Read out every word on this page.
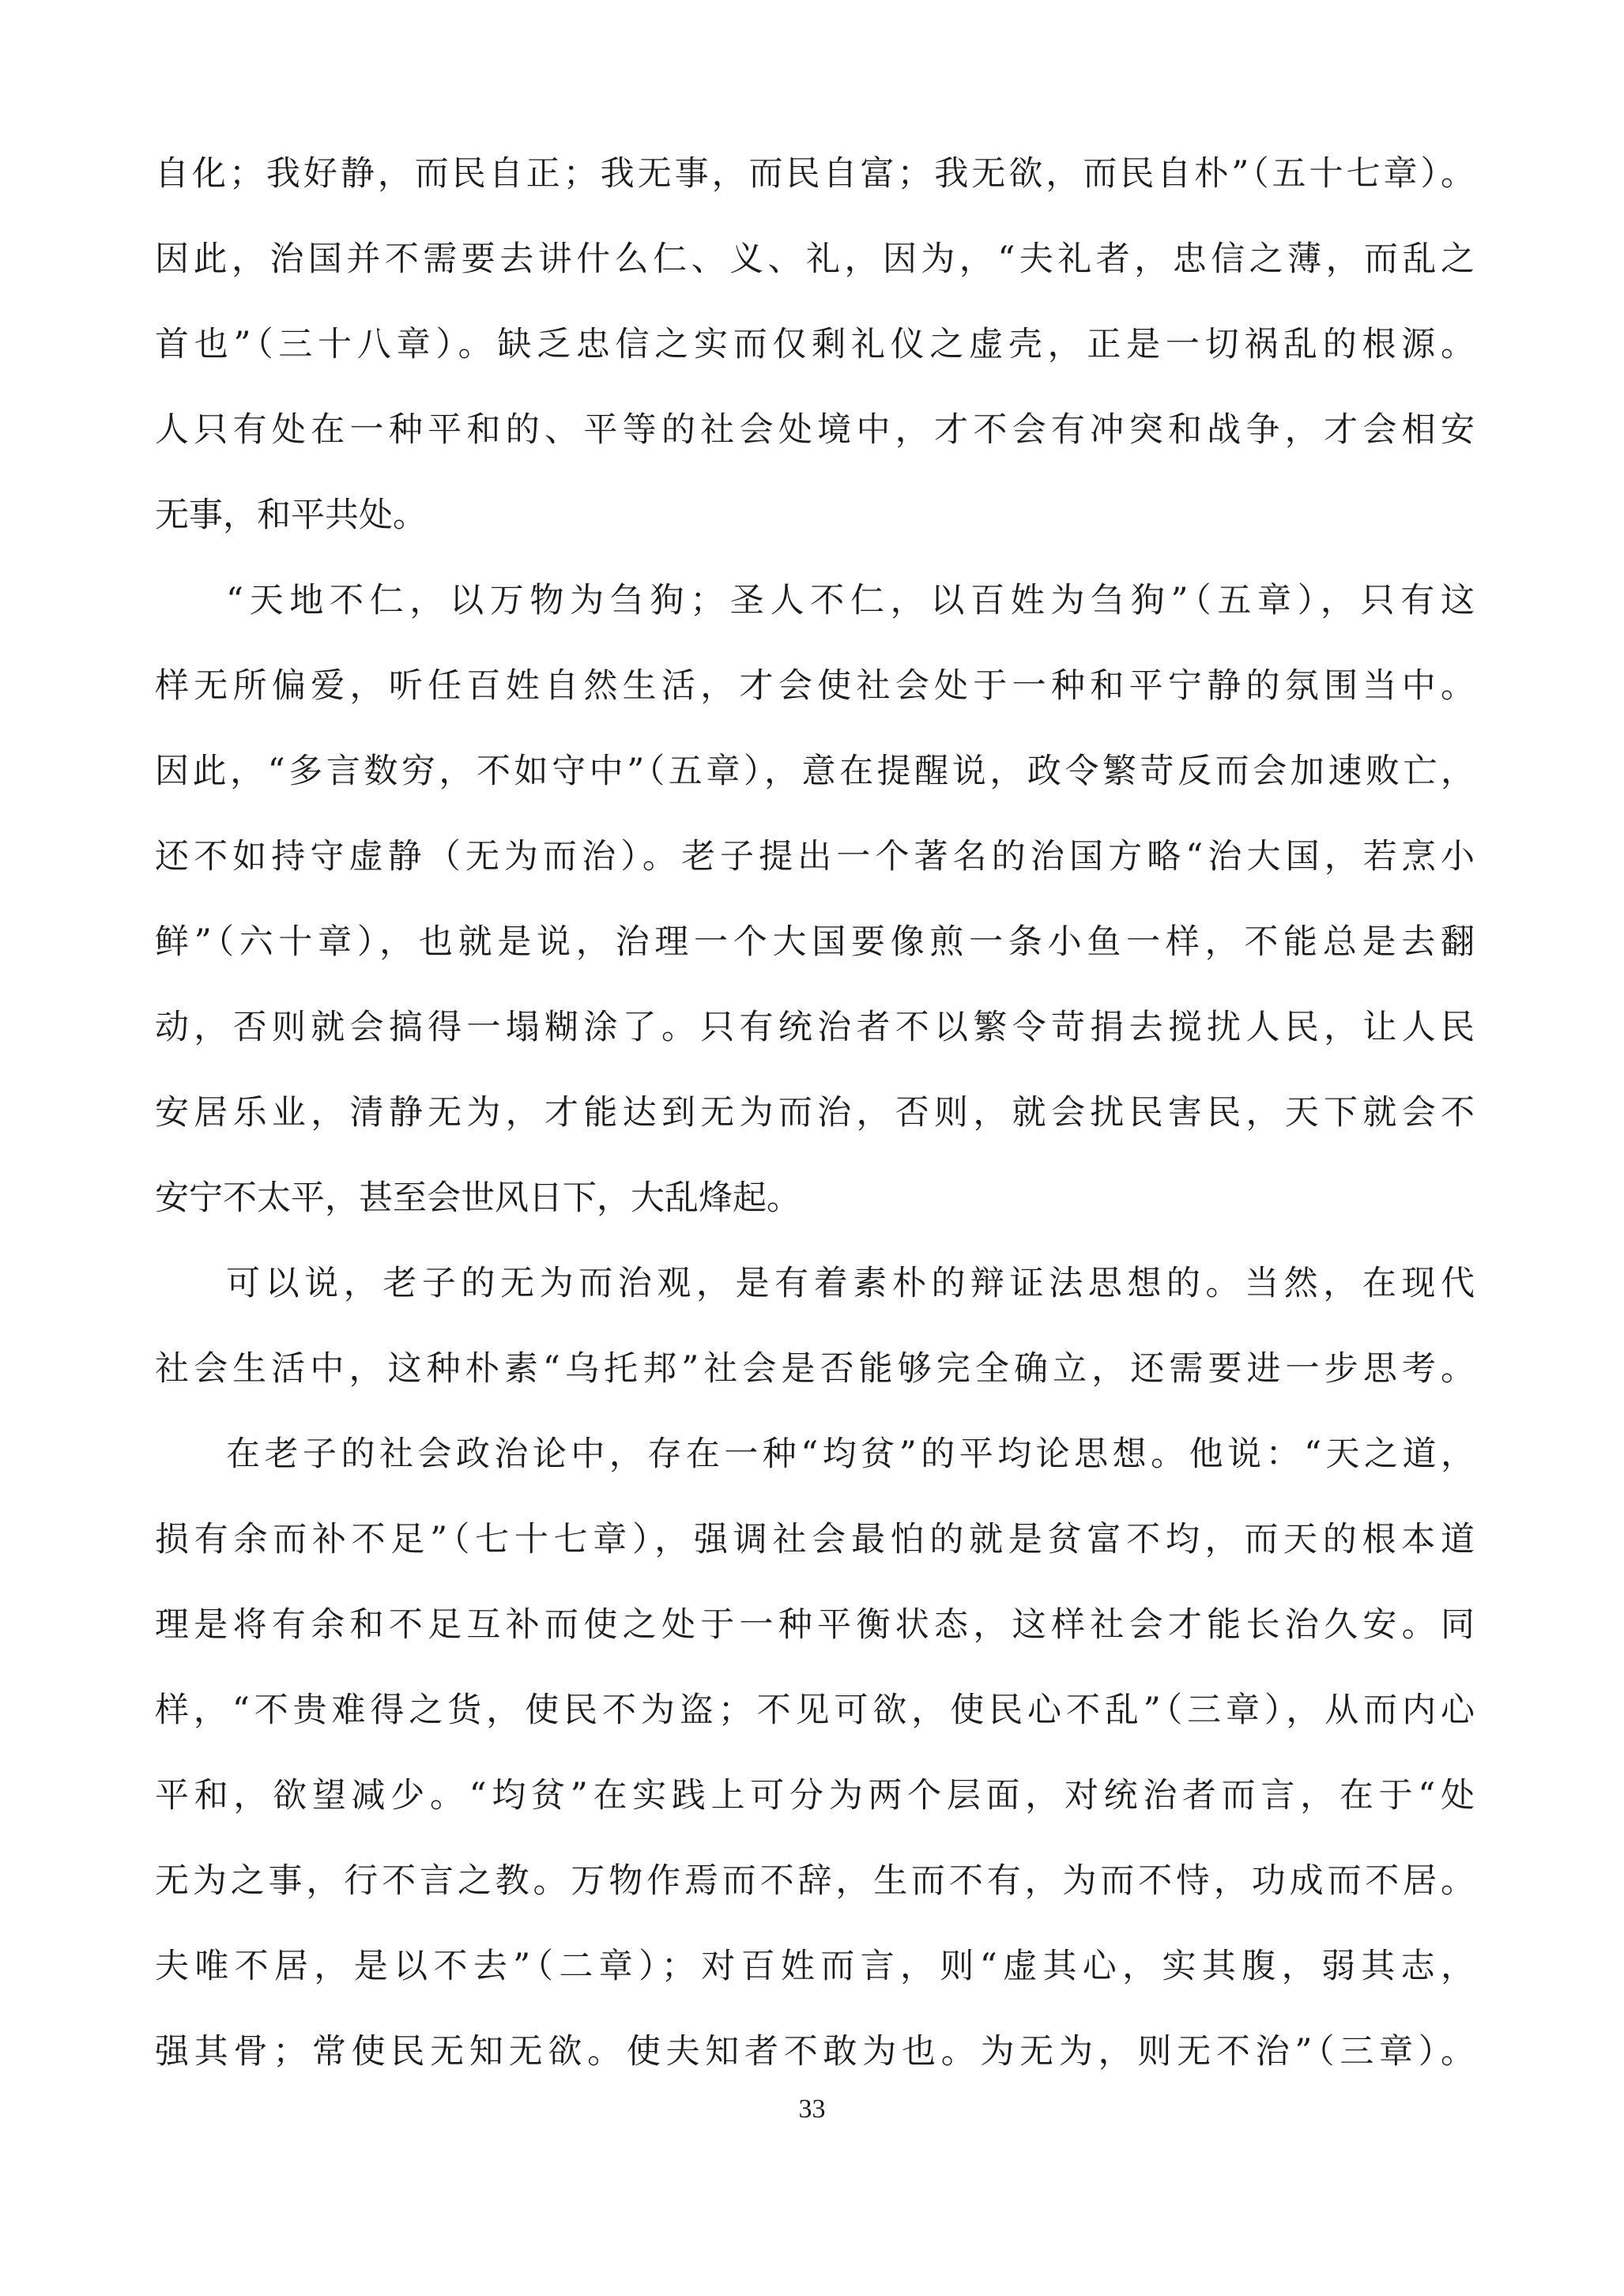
自化；我好静，而民自正；我无事，而民自富；我无欲，而民自朴”（五十七章）。
因此，治国并不需要去讲什么仁、义、礼，因为，“夫礼者，忠信之薄，而乱之
首也”（三十八章）。缺乏忠信之实而仅剩礼仪之虚壳，正是一切祸乱的根源。
人只有处在一种平和的、平等的社会处境中，才不会有冲突和战争，才会相安
无事，和平共处。
“天地不仁，以万物为刍狗；圣人不仁，以百姓为刍狗”（五章），只有这
样无所偏爱，听任百姓自然生活，才会使社会处于一种和平宁静的氛围当中。
因此，“多言数穷，不如守中”（五章），意在提醒说，政令繁苛反而会加速败亡，
还不如持守虚静（无为而治）。老子提出一个著名的治国方略“治大国，若烹小
鲜”（六十章），也就是说，治理一个大国要像煎一条小鱼一样，不能总是去翻
动，否则就会搞得一塌糊涂了。只有统治者不以繁令苛捐去搅扰人民，让人民
安居乐业，清静无为，才能达到无为而治，否则，就会扰民害民，天下就会不
安宁不太平，甚至会世风日下，大乱烽起。
可以说，老子的无为而治观，是有着素朴的辩证法思想的。当然，在现代
社会生活中，这种朴素“乌托邦”社会是否能够完全确立，还需要进一步思考。
在老子的社会政治论中，存在一种“均贫”的平均论思想。他说：“天之道，
损有余而补不足”（七十七章），强调社会最怕的就是贫富不均，而天的根本道
理是将有余和不足互补而使之处于一种平衡状态，这样社会才能长治久安。同
样，“不贵难得之货，使民不为盗；不见可欲，使民心不乱”（三章），从而内心
平和，欲望减少。“均贫”在实践上可分为两个层面，对统治者而言，在于“处
无为之事，行不言之教。万物作焉而不辞，生而不有，为而不恃，功成而不居。
夫唯不居，是以不去”（二章）；对百姓而言，则“虚其心，实其腹，弱其志，
强其骨；常使民无知无欲。使夫知者不敢为也。为无为，则无不治”（三章）。
33
